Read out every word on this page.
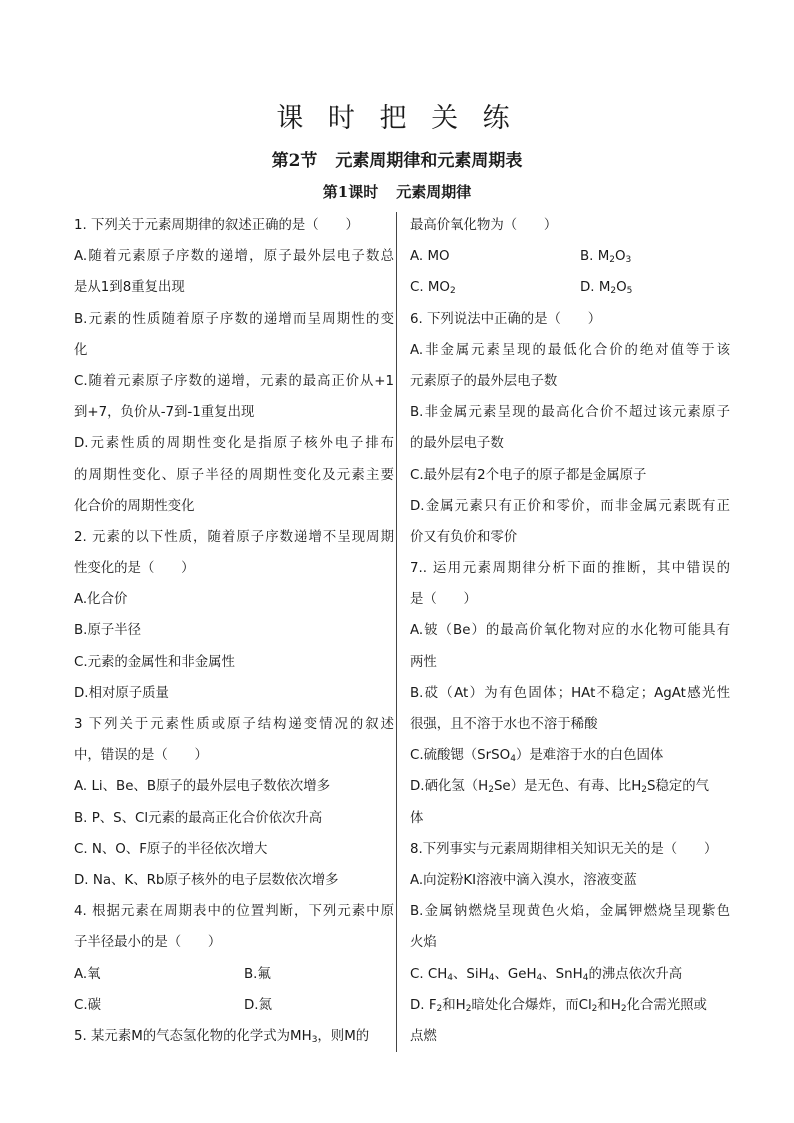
课 时 把 关 练
第2节 元素周期律和元素周期表
第1课时 元素周期律
1. 下列关于元素周期律的叙述正确的是（　　）
A.随着元素原子序数的递增，原子最外层电子数总
是从1到8重复出现
B.元素的性质随着原子序数的递增而呈周期性的变
化
C.随着元素原子序数的递增，元素的最高正价从+1
到+7，负价从-7到-1重复出现
D.元素性质的周期性变化是指原子核外电子排布
的周期性变化、原子半径的周期性变化及元素主要
化合价的周期性变化
2. 元素的以下性质，随着原子序数递增不呈现周期
性变化的是（　　）
A.化合价
B.原子半径
C.元素的金属性和非金属性
D.相对原子质量
3 下列关于元素性质或原子结构递变情况的叙述
中，错误的是（　　）
A. Li、Be、B原子的最外层电子数依次增多
B. P、S、Cl元素的最高正化合价依次升高
C. N、O、F原子的半径依次增大
D. Na、K、Rb原子核外的电子层数依次增多
4. 根据元素在周期表中的位置判断，下列元素中原
子半径最小的是（　　）
A.氧	B.氟
C.碳	D.氮
5. 某元素M的气态氢化物的化学式为$MH_3$，则M的
最高价氧化物为（　　）
A. MO	B. $M_2O_3$
C. $MO_2$	D. $M_2O_5$
6. 下列说法中正确的是（　　）
A.非金属元素呈现的最低化合价的绝对值等于该
元素原子的最外层电子数
B.非金属元素呈现的最高化合价不超过该元素原子
的最外层电子数
C.最外层有2个电子的原子都是金属原子
D.金属元素只有正价和零价，而非金属元素既有正
价又有负价和零价
7.. 运用元素周期律分析下面的推断，其中错误的
是（　　）
A.铍（Be）的最高价氧化物对应的水化物可能具有
两性
B.砹（At）为有色固体；HAt不稳定；AgAt感光性
很强，且不溶于水也不溶于稀酸
C.硫酸锶（SrSO$_4$）是难溶于水的白色固体
D.硒化氢$(H_2Se)$是无色、有毒、比$H_2S$稳定的气
体
8.下列事实与元素周期律相关知识无关的是（　　）
A.向淀粉KI溶液中滴入溴水，溶液变蓝
B.金属钠燃烧呈现黄色火焰，金属钾燃烧呈现紫色
火焰
C. $CH_4$、SiH$_4$、GeH$_4$、SnH$_4$的沸点依次升高
D. $F_2$和$H_2$暗处化合爆炸，而$Cl_2$和$H_2$化合需光照或
点燃
